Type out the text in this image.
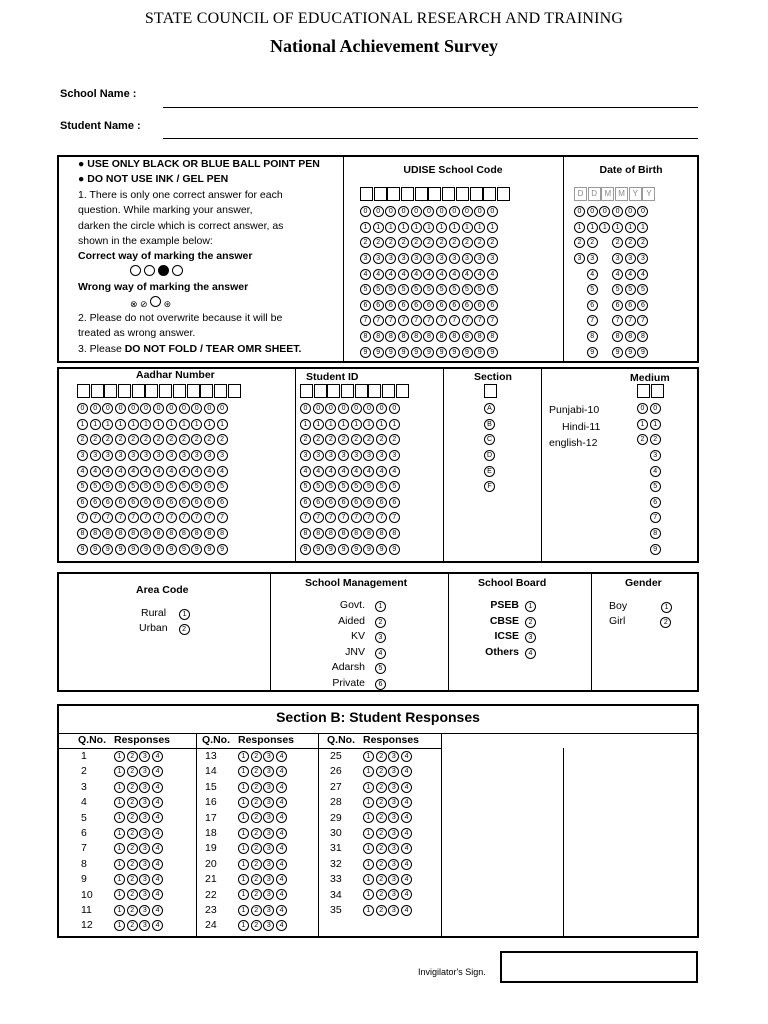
STATE COUNCIL OF EDUCATIONAL RESEARCH AND TRAINING
National Achievement Survey
School Name :
Student Name :
● USE ONLY BLACK OR BLUE BALL POINT PEN
● DO NOT USE INK / GEL PEN
1. There is only one correct answer for each
question. While marking your answer,
darken the circle which is correct answer, as
shown in the example below:
Correct way of marking the answer

Wrong way of marking the answer
⊗ ⊘  ⊛
2. Please do not overwrite because it will be
treated as wrong answer.
3. Please DO NOT FOLD / TEAR OMR SHEET.
UDISE School Code	Date of Birth
0 0 0 0 0 0 0 0 0 0 0
1 1 1 1 1 1 1 1 1 1 1
2 2 2 2 2 2 2 2 2 2 2
3 3 3 3 3 3 3 3 3 3 3
4 4 4 4 4 4 4 4 4 4 4
5 5 5 5 5 5 5 5 5 5 5
6 6 6 6 6 6 6 6 6 6 6
7 7 7 7 7 7 7 7 7 7 7
8 8 8 8 8 8 8 8 8 8 8
9 9 9 9 9 9 9 9 9 9 9
D D M M Y	Y
0 0 0 0 0 0
1 1 1 1 1 1
2 2	2 2 2
3 3	3 3 3
4	4 4 4
5	5 5 5
6	6 6 6
7	7 7 7
8	8 8 8
9	9 9 9
Aadhar Number	Student ID	Section	Medium
0 0 0 0 0 0 0 0 0 0 0 0
1 1 1 1 1 1 1 1 1 1 1 1
2 2 2 2 2 2 2 2 2 2 2 2
3 3 3 3 3 3 3 3 3 3 3 3
4 4 4 4 4 4 4 4 4 4 4 4
5 5 5 5 5 5 5 5 5 5 5 5
6 6 6 6 6 6 6 6 6 6 6 6
7 7 7 7 7 7 7 7 7 7 7 7
8 8 8 8 8 8 8 8 8 8 8 8
9 9 9 9 9 9 9 9 9 9 9 9
0 0 0 0 0 0 0 0
1 1 1 1 1 1 1 1
2 2 2 2 2 2 2 2
3 3 3 3 3 3 3 3
4 4 4 4 4 4 4 4
5 5 5 5 5 5 5 5
6 6 6 6 6 6 6 6
7 7 7 7 7 7 7 7
8 8 8 8 8 8 8 8
9 9 9 9 9 9 9 9
A
B
C
D
E
F
Punjabi-10
Hindi-11
english-12
0 0
1 1
2 2
3
4
5
6
7
8
9
Area Code
Rural 1
Urban 2
School Management
Govt. 1
Aided 2
KV 3
JNV 4
Adarsh 5
Private 6
School Board
PSEB 1
CBSE 2
ICSE 3
Others 4
Gender
Boy	1
Girl	2
Section B: Student Responses
Q.No. Responses
1	1 2 3 4
2	1 2 3 4
3	1 2 3 4
4	1 2 3 4
5	1 2 3 4
6	1 2 3 4
7	1 2 3 4
8	1 2 3 4
9	1 2 3 4
10	1 2 3 4
11	1 2 3 4
12	1 2 3 4
Q.No. Responses
13	1 2 3 4
14	1 2 3 4
15	1 2 3 4
16	1 2 3 4
17	1 2 3 4
18	1 2 3 4
19	1 2 3 4
20	1 2 3 4
21	1 2 3 4
22	1 2 3 4
23	1 2 3 4
24	1 2 3 4
Q.No. Responses
25	1 2 3 4
26	1 2 3 4
27	1 2 3 4
28	1 2 3 4
29	1 2 3 4
30	1 2 3 4
31	1 2 3 4
32	1 2 3 4
33	1 2 3 4
34	1 2 3 4
35	1 2 3 4
Invigilator's Sign.
